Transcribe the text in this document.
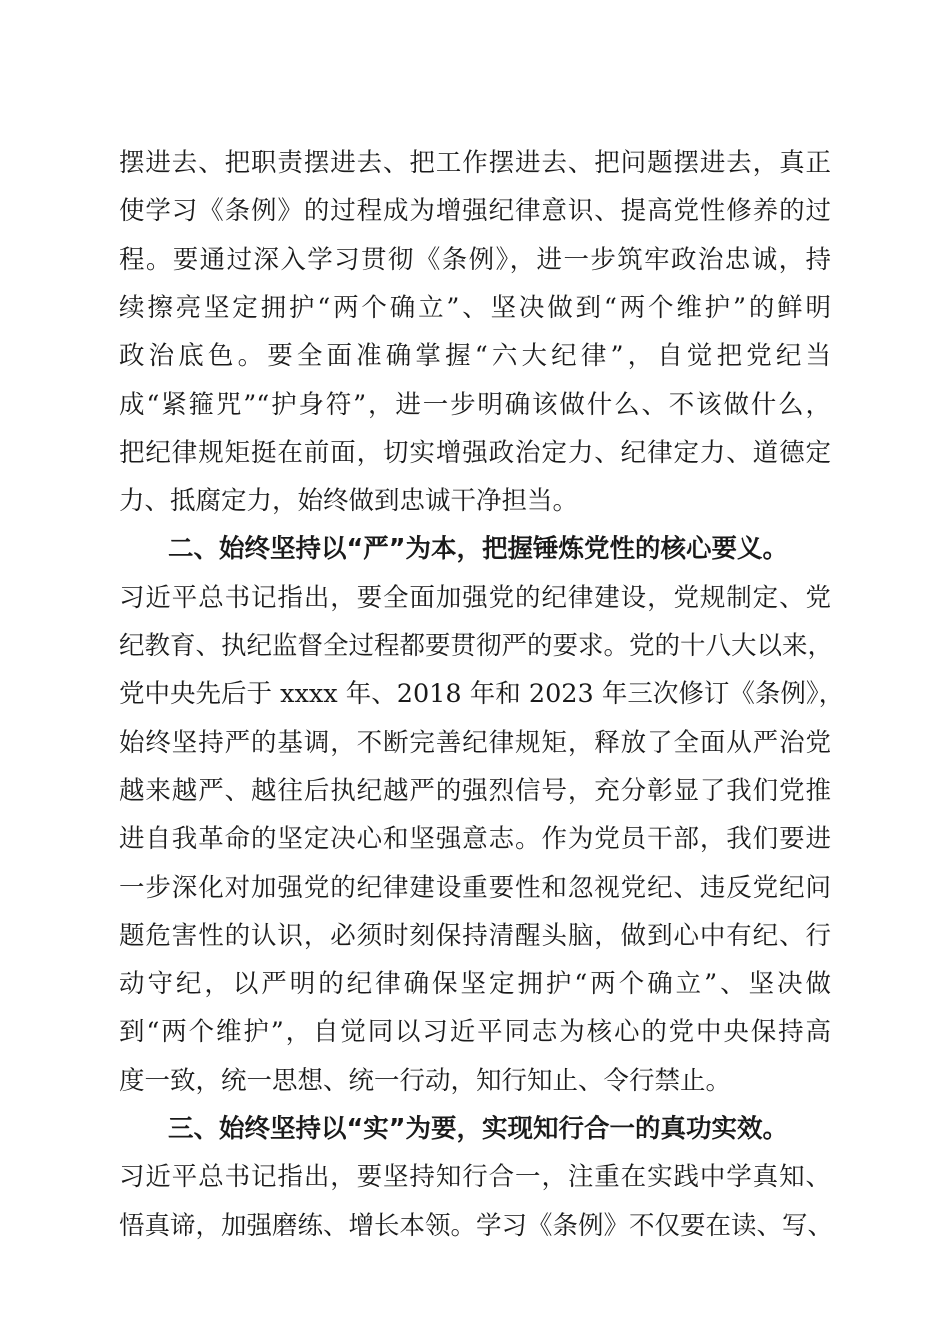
摆进去、把职责摆进去、把工作摆进去、把问题摆进去，真正
使学习《条例》的过程成为增强纪律意识、提高党性修养的过
程。要通过深入学习贯彻《条例》，进一步筑牢政治忠诚，持
续擦亮坚定拥护“两个确立”、坚决做到“两个维护”的鲜明
政治底色。要全面准确掌握“六大纪律”，自觉把党纪当
成“紧箍咒”“护身符”，进一步明确该做什么、不该做什么，
把纪律规矩挺在前面，切实增强政治定力、纪律定力、道德定
力、抵腐定力，始终做到忠诚干净担当。
二、始终坚持以“严”为本，把握锤炼党性的核心要义。
习近平总书记指出，要全面加强党的纪律建设，党规制定、党
纪教育、执纪监督全过程都要贯彻严的要求。党的十八大以来，
党中央先后于 xxxx 年、2018 年和 2023 年三次修订《条例》，
始终坚持严的基调，不断完善纪律规矩，释放了全面从严治党
越来越严、越往后执纪越严的强烈信号，充分彰显了我们党推
进自我革命的坚定决心和坚强意志。作为党员干部，我们要进
一步深化对加强党的纪律建设重要性和忽视党纪、违反党纪问
题危害性的认识，必须时刻保持清醒头脑，做到心中有纪、行
动守纪，以严明的纪律确保坚定拥护“两个确立”、坚决做
到“两个维护”，自觉同以习近平同志为核心的党中央保持高
度一致，统一思想、统一行动，知行知止、令行禁止。
三、始终坚持以“实”为要，实现知行合一的真功实效。
习近平总书记指出，要坚持知行合一，注重在实践中学真知、
悟真谛，加强磨练、增长本领。学习《条例》不仅要在读、写、
